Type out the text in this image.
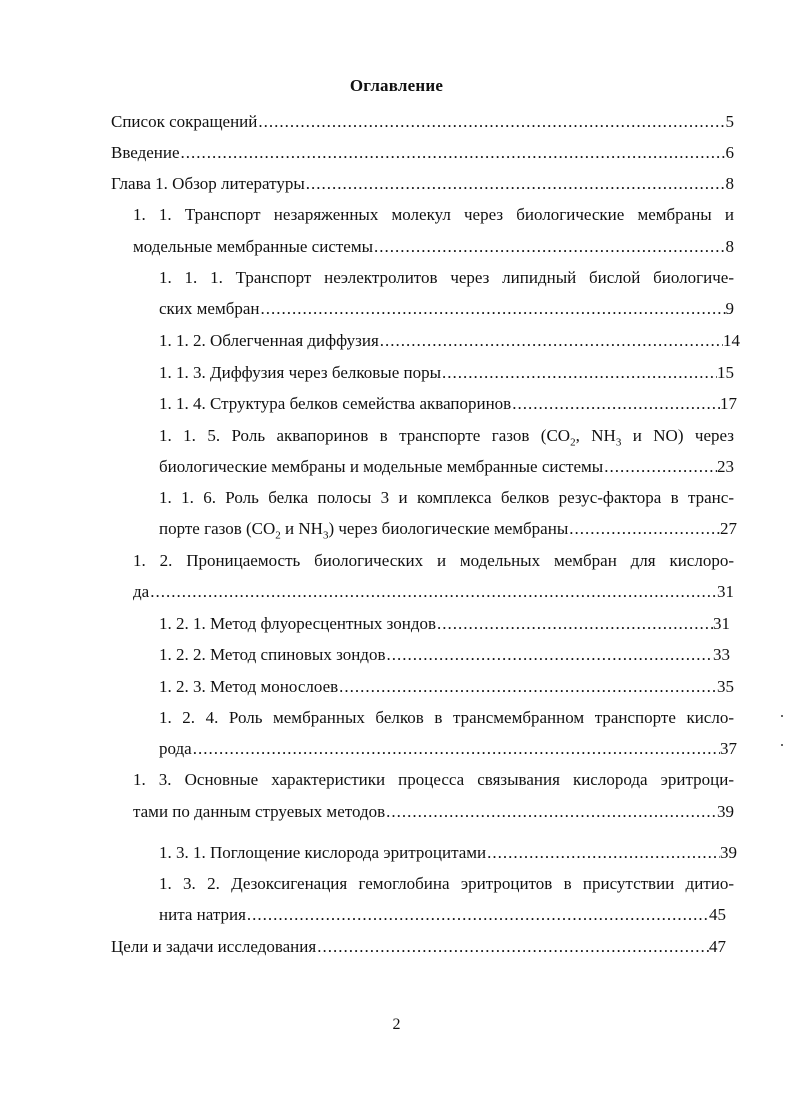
Оглавление
Список сокращений .....	5
Введение .....	6
Глава 1. Обзор литературы .....	8
1. 1. Транспорт незаряженных молекул через биологические мембраны и
модельные мембранные системы .....	8
1. 1. 1. Транспорт неэлектролитов через липидный бислой биологиче-
ских мембран .....	9
1. 1. 2. Облегченная диффузия .....	14
1. 1. 3. Диффузия через белковые поры .....	15
1. 1. 4. Структура белков семейства аквапоринов .....	17
1. 1. 5. Роль аквапоринов в транспорте газов ($CO_2$, $NH_3$ и NO) через
биологические мембраны и модельные мембранные системы .....	23
1. 1. 6. Роль белка полосы 3 и комплекса белков резус-фактора в транс-
порте газов ($CO_2$ и $NH_3$) через биологические мембраны .....	27
1. 2. Проницаемость биологических и модельных мембран для кислоро-
да .....	31
1. 2. 1. Метод флуоресцентных зондов .....	31
1. 2. 2. Метод спиновых зондов .....	33
1. 2. 3. Метод монослоев .....	35
1. 2. 4. Роль мембранных белков в трансмембранном транспорте кисло-
рода .....	37
1. 3. Основные характеристики процесса связывания кислорода эритроци-
тами по данным струевых методов .....	39
1. 3. 1. Поглощение кислорода эритроцитами .....	39
1. 3. 2. Дезоксигенация гемоглобина эритроцитов в присутствии дитио-
нита натрия .....	45
Цели и задачи исследования .....	47
2
